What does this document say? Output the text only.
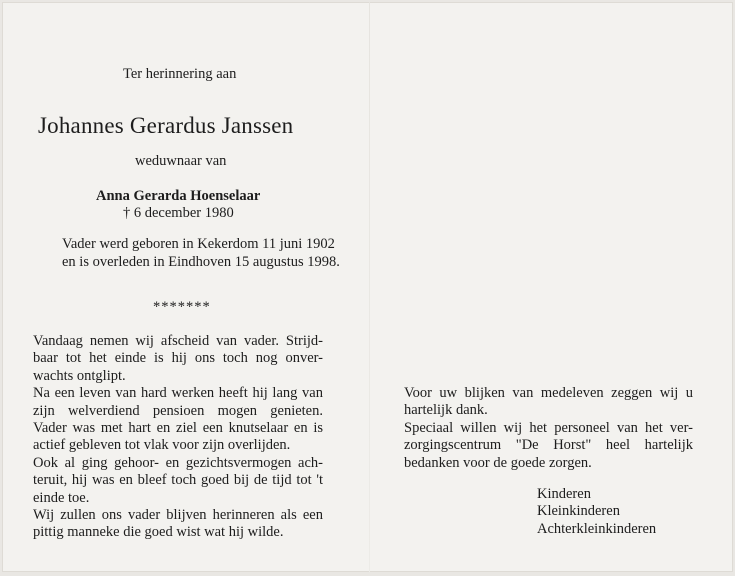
Ter herinnering aan
Johannes Gerardus Janssen
weduwnaar van
Anna Gerarda Hoenselaar
† 6 december 1980
Vader werd geboren in Kekerdom 11 juni 1902
en is overleden in Eindhoven 15 augustus 1998.
*******
Vandaag nemen wij afscheid van vader. Strijd-
baar tot het einde is hij ons toch nog onver-
wachts ontglipt.
Na een leven van hard werken heeft hij lang van
zijn welverdiend pensioen mogen genieten.
Vader was met hart en ziel een knutselaar en is
actief gebleven tot vlak voor zijn overlijden.
Ook al ging gehoor- en gezichtsvermogen ach-
teruit, hij was en bleef toch goed bij de tijd tot 't
einde toe.
Wij zullen ons vader blijven herinneren als een
pittig manneke die goed wist wat hij wilde.
Voor uw blijken van medeleven zeggen wij u
hartelijk dank.
Speciaal willen wij het personeel van het ver-
zorgingscentrum "De Horst" heel hartelijk
bedanken voor de goede zorgen.
Kinderen
Kleinkinderen
Achterkleinkinderen
